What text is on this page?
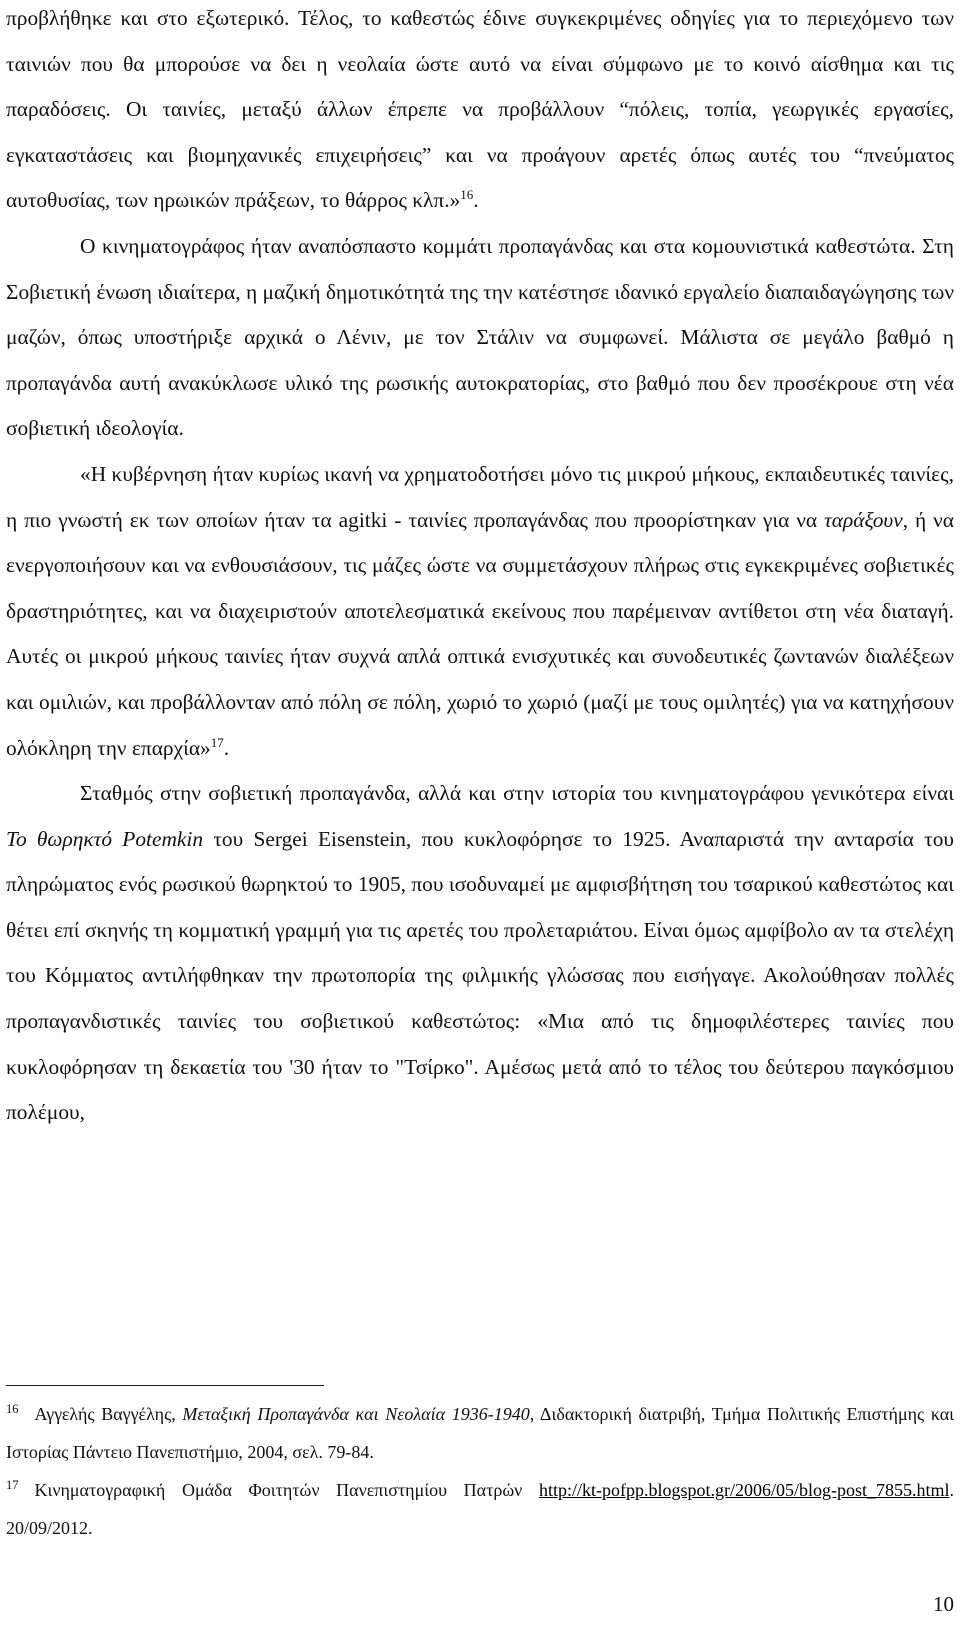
προβλήθηκε και στο εξωτερικό. Τέλος, το καθεστώς έδινε συγκεκριμένες οδηγίες για το περιεχόμενο των ταινιών που θα μπορούσε να δει η νεολαία ώστε αυτό να είναι σύμφωνο με το κοινό αίσθημα και τις παραδόσεις. Οι ταινίες, μεταξύ άλλων έπρεπε να προβάλλουν “πόλεις, τοπία, γεωργικές εργασίες, εγκαταστάσεις και βιομηχανικές επιχειρήσεις” και να προάγουν αρετές όπως αυτές του “πνεύματος αυτοθυσίας, των ηρωικών πράξεων, το θάρρος κλπ.»$^{16}$.

Ο κινηματογράφος ήταν αναπόσπαστο κομμάτι προπαγάνδας και στα κομουνιστικά καθεστώτα. Στη Σοβιετική ένωση ιδιαίτερα, η μαζική δημοτικότητά της την κατέστησε ιδανικό εργαλείο διαπαιδαγώγησης των μαζών, όπως υποστήριξε αρχικά ο Λένιν, με τον Στάλιν να συμφωνεί. Μάλιστα σε μεγάλο βαθμό η προπαγάνδα αυτή ανακύκλωσε υλικό της ρωσικής αυτοκρατορίας, στο βαθμό που δεν προσέκρουε στη νέα σοβιετική ιδεολογία.

«Η κυβέρνηση ήταν κυρίως ικανή να χρηματοδοτήσει μόνο τις μικρού μήκους, εκπαιδευτικές ταινίες, η πιο γνωστή εκ των οποίων ήταν τα agitki - ταινίες προπαγάνδας που προορίστηκαν για να ταράξουν, ή να ενεργοποιήσουν και να ενθουσιάσουν, τις μάζες ώστε να συμμετάσχουν πλήρως στις εγκεκριμένες σοβιετικές δραστηριότητες, και να διαχειριστούν αποτελεσματικά εκείνους που παρέμειναν αντίθετοι στη νέα διαταγή. Αυτές οι μικρού μήκους ταινίες ήταν συχνά απλά οπτικά ενισχυτικές και συνοδευτικές ζωντανών διαλέξεων και ομιλιών, και προβάλλονταν από πόλη σε πόλη, χωριό το χωριό (μαζί με τους ομιλητές) για να κατηχήσουν ολόκληρη την επαρχία»$^{17}$.

Σταθμός στην σοβιετική προπαγάνδα, αλλά και στην ιστορία του κινηματογράφου γενικότερα είναι Το θωρηκτό Potemkin του Sergei Eisenstein, που κυκλοφόρησε το 1925. Αναπαριστά την ανταρσία του πληρώματος ενός ρωσικού θωρηκτού το 1905, που ισοδυναμεί με αμφισβήτηση του τσαρικού καθεστώτος και θέτει επί σκηνής τη κομματική γραμμή για τις αρετές του προλεταριάτου. Είναι όμως αμφίβολο αν τα στελέχη του Κόμματος αντιλήφθηκαν την πρωτοπορία της φιλμικής γλώσσας που εισήγαγε. Ακολούθησαν πολλές προπαγανδιστικές ταινίες του σοβιετικού καθεστώτος: «Μια από τις δημοφιλέστερες ταινίες που κυκλοφόρησαν τη δεκαετία του '30 ήταν το "Τσίρκο". Αμέσως μετά από το τέλος του δεύτερου παγκόσμιου πολέμου,

$^{16}$ Αγγελής Βαγγέλης, Μεταξική Προπαγάνδα και Νεολαία 1936-1940, Διδακτορική διατριβή, Τμήμα Πολιτικής Επιστήμης και Ιστορίας Πάντειο Πανεπιστήμιο, 2004, σελ. 79-84.

$^{17}$ Κινηματογραφική Ομάδα Φοιτητών Πανεπιστημίου Πατρών http://kt-pofpp.blogspot.gr/2006/05/blog-post_7855.html. 20/09/2012.

10
